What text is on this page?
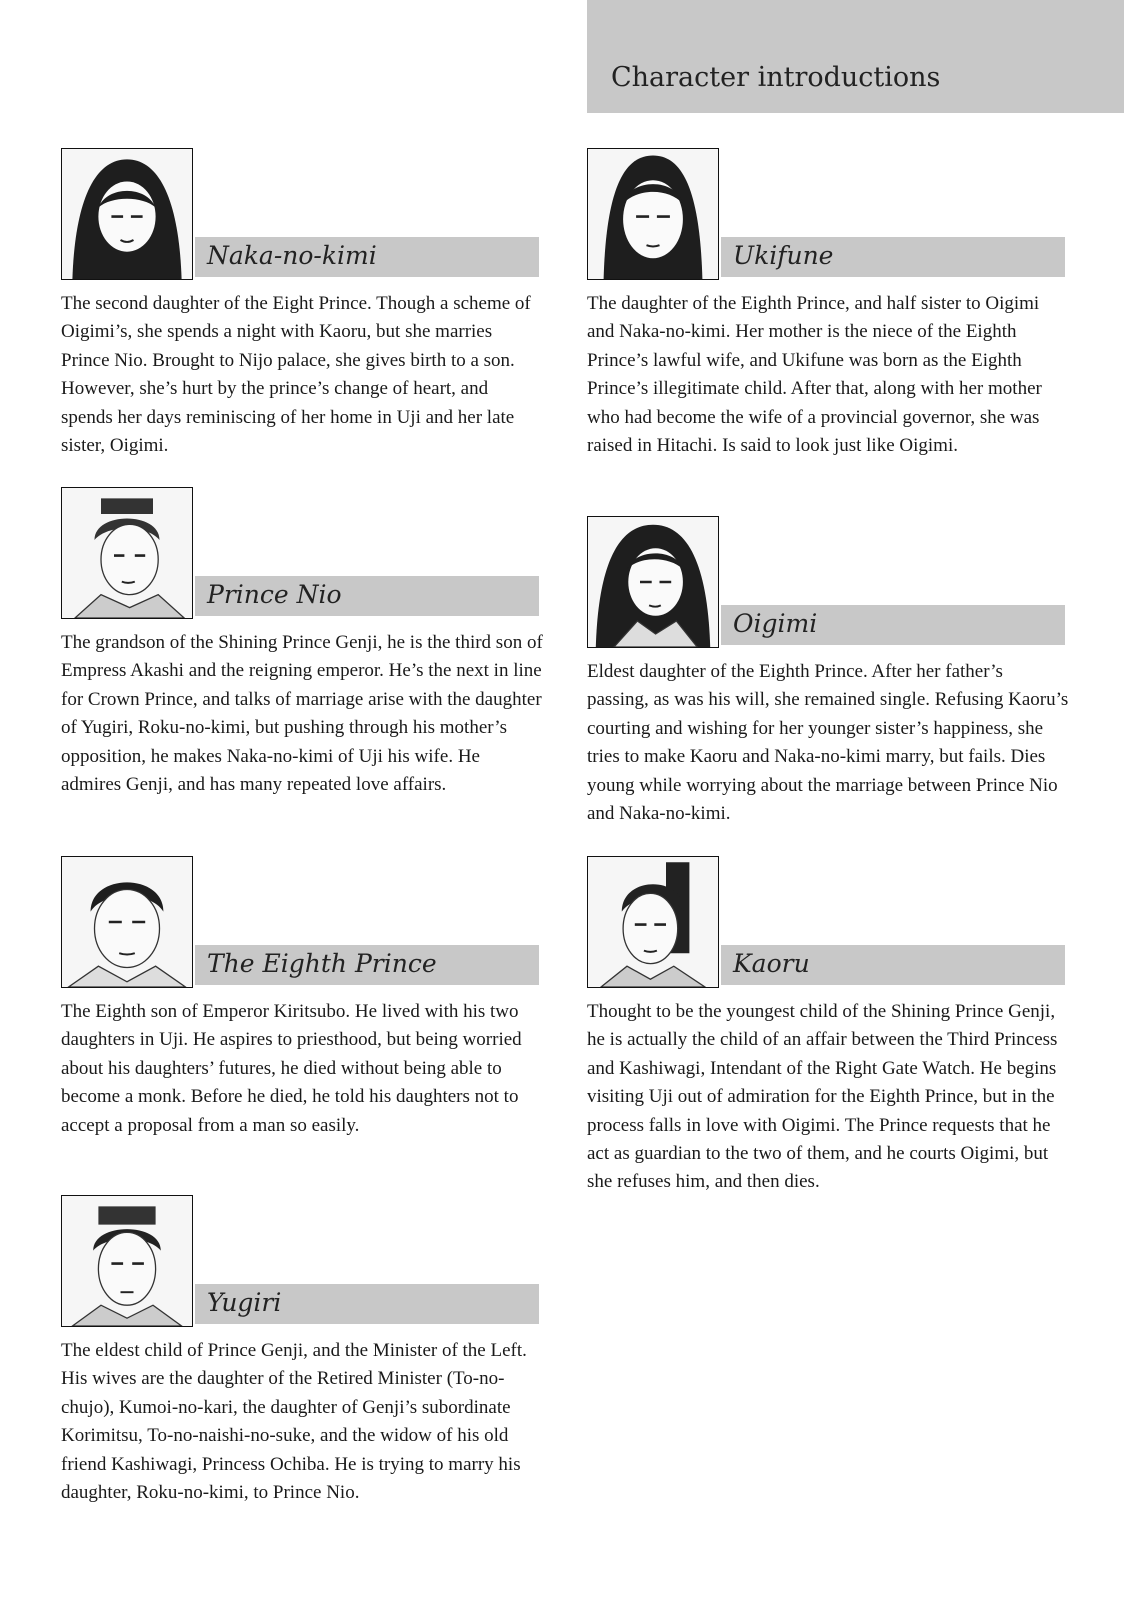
Character introductions
Naka-no-kimi

The second daughter of the Eight Prince. Though a scheme of Oigimi’s, she spends a night with Kaoru, but she marries Prince Nio. Brought to Nijo palace, she gives birth to a son. However, she’s hurt by the prince’s change of heart, and spends her days reminiscing of her home in Uji and her late sister, Oigimi.

Prince Nio

The grandson of the Shining Prince Genji, he is the third son of Empress Akashi and the reigning emperor. He’s the next in line for Crown Prince, and talks of marriage arise with the daughter of Yugiri, Roku-no-kimi, but pushing through his mother’s opposition, he makes Naka-no-kimi of Uji his wife. He admires Genji, and has many repeated love affairs.

The Eighth Prince

The Eighth son of Emperor Kiritsubo. He lived with his two daughters in Uji. He aspires to priesthood, but being worried about his daughters’ futures, he died without being able to become a monk. Before he died, he told his daughters not to accept a proposal from a man so easily.

Yugiri

The eldest child of Prince Genji, and the Minister of the Left. His wives are the daughter of the Retired Minister (To-no-chujo), Kumoi-no-kari, the daughter of Genji’s subordinate Korimitsu, To-no-naishi-no-suke, and the widow of his old friend Kashiwagi, Princess Ochiba. He is trying to marry his daughter, Roku-no-kimi, to Prince Nio.

Ukifune

The daughter of the Eighth Prince, and half sister to Oigimi and Naka-no-kimi. Her mother is the niece of the Eighth Prince’s lawful wife, and Ukifune was born as the Eighth Prince’s illegitimate child. After that, along with her mother who had become the wife of a provincial governor, she was raised in Hitachi. Is said to look just like Oigimi.

Oigimi

Eldest daughter of the Eighth Prince. After her father’s passing, as was his will, she remained single. Refusing Kaoru’s courting and wishing for her younger sister’s happiness, she tries to make Kaoru and Naka-no-kimi marry, but fails. Dies young while worrying about the marriage between Prince Nio and Naka-no-kimi.

Kaoru

Thought to be the youngest child of the Shining Prince Genji, he is actually the child of an affair between the Third Princess and Kashiwagi, Intendant of the Right Gate Watch. He begins visiting Uji out of admiration for the Eighth Prince, but in the process falls in love with Oigimi. The Prince requests that he act as guardian to the two of them, and he courts Oigimi, but she refuses him, and then dies.
